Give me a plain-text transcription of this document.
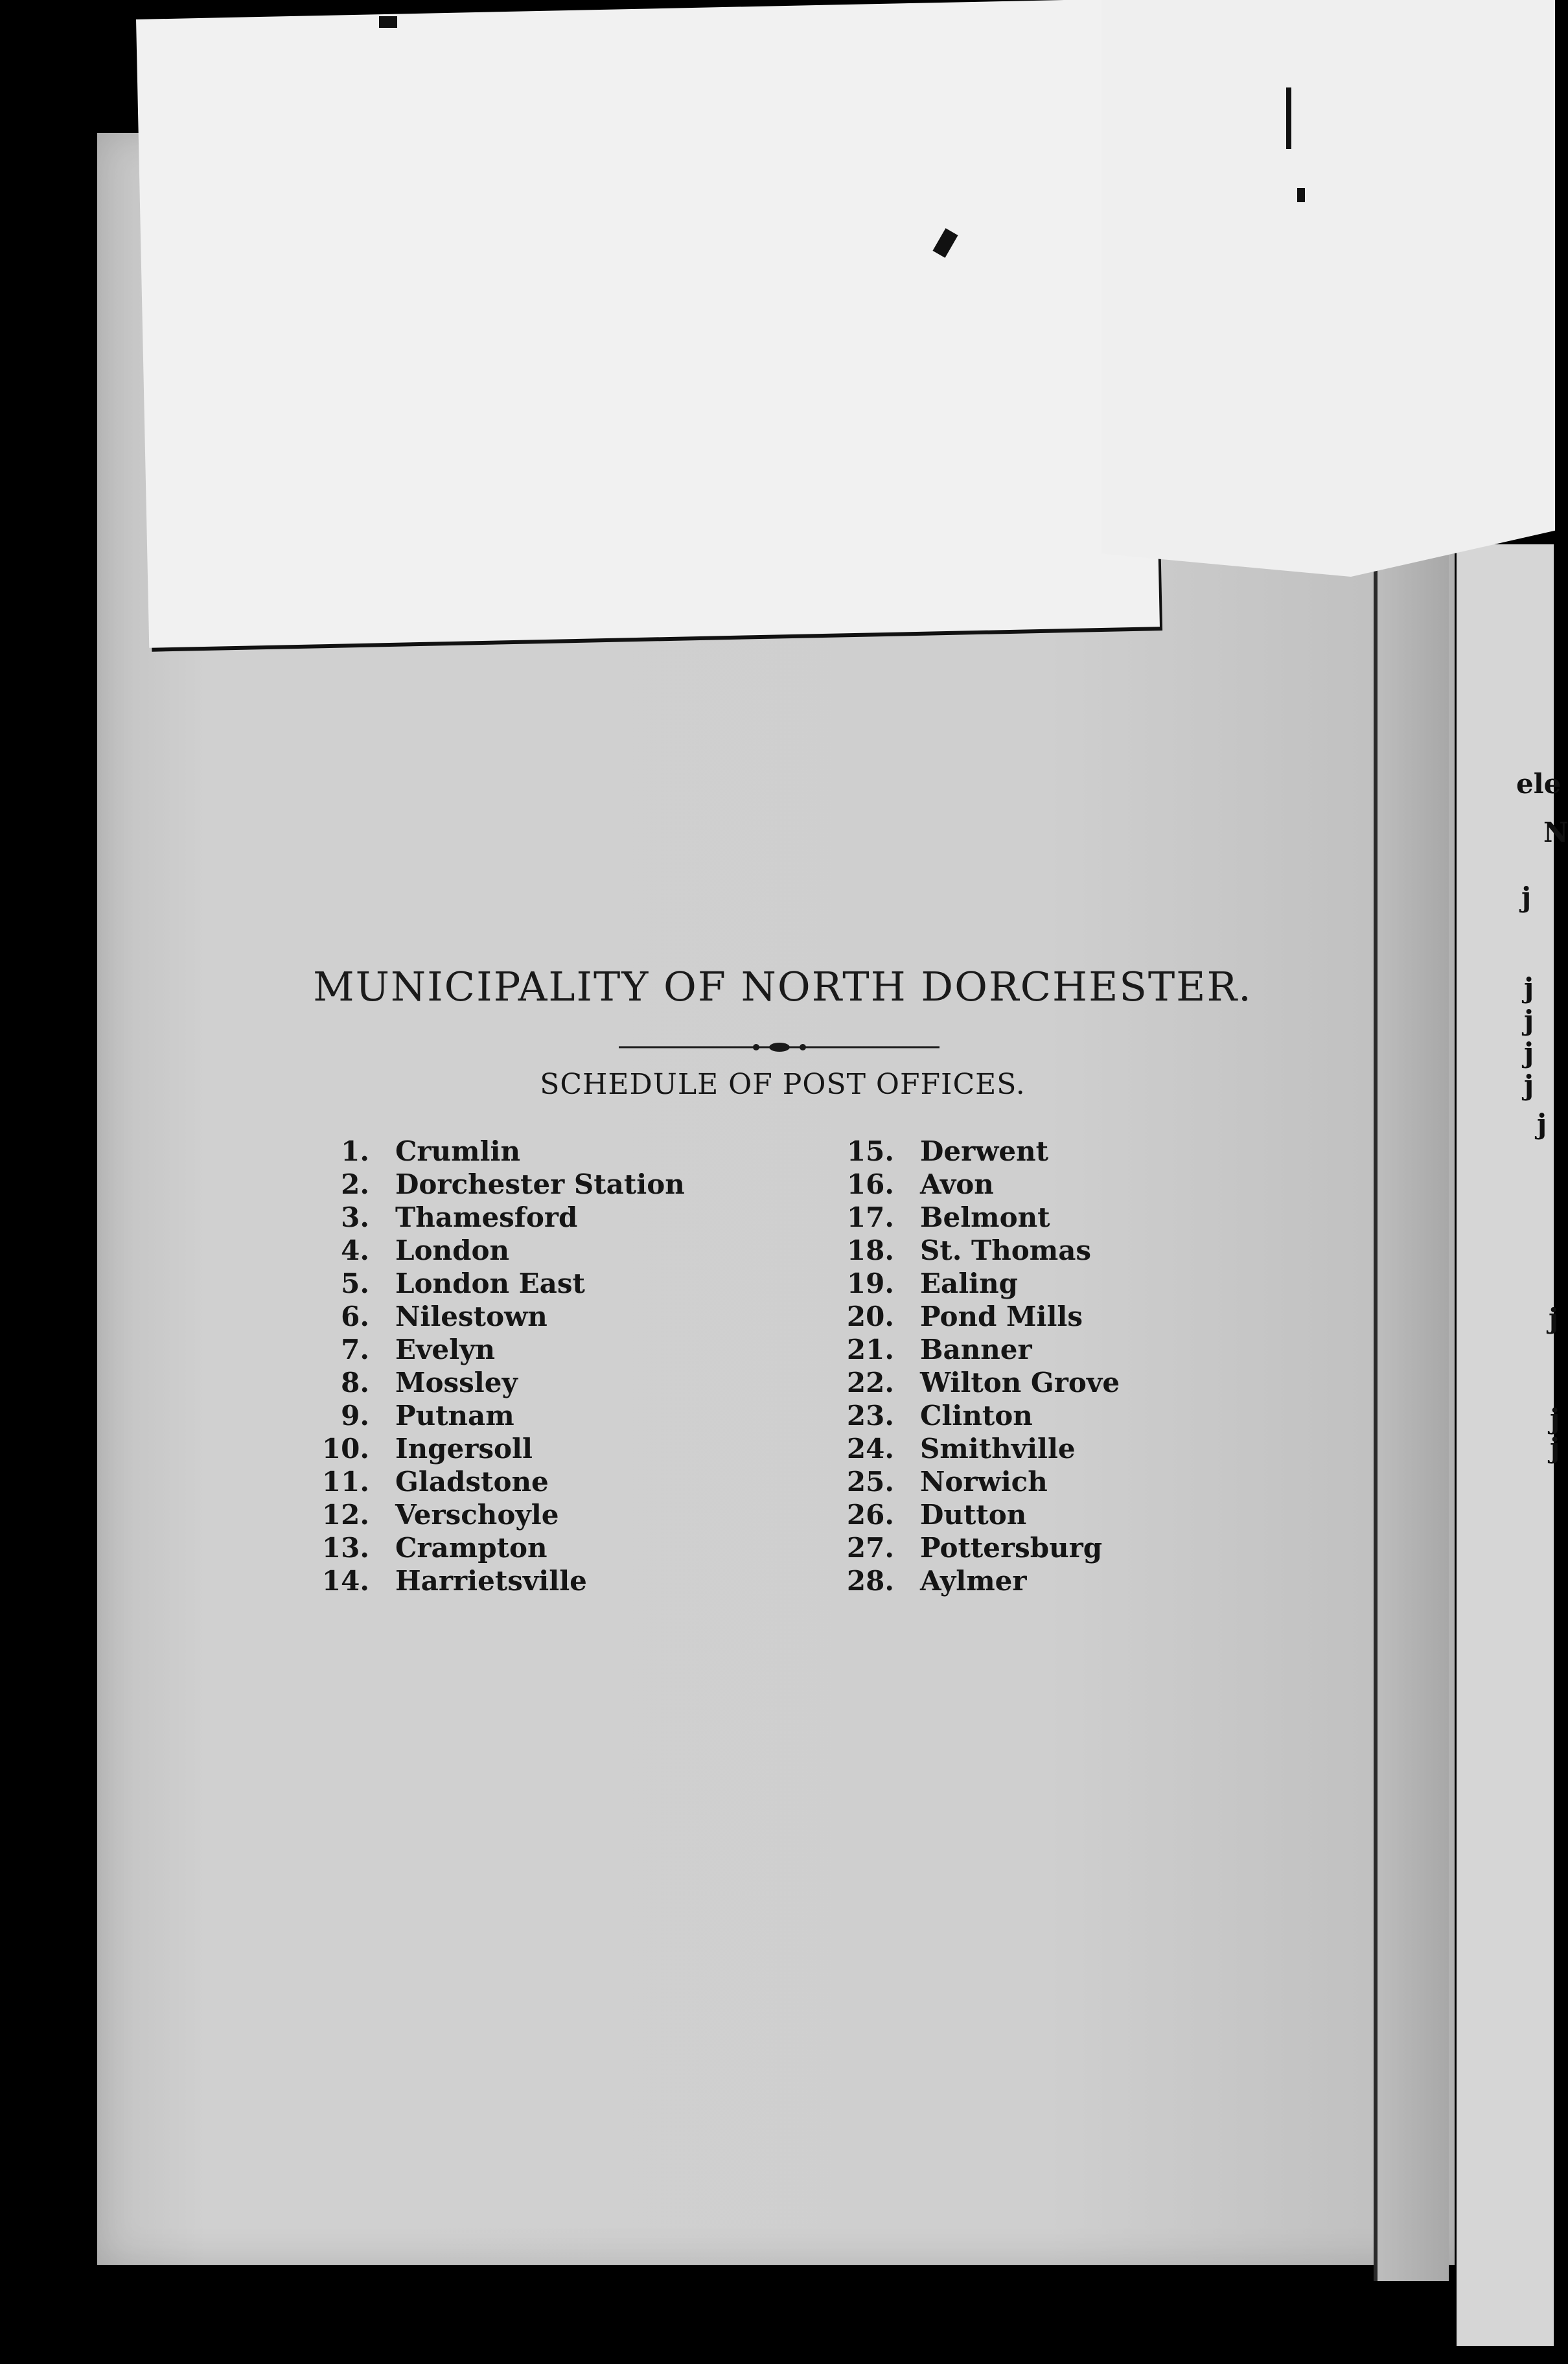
MUNICIPALITY OF NORTH DORCHESTER.
SCHEDULE OF POST OFFICES.
1. Crumlin
2. Dorchester Station
3. Thamesford
4. London
5. London East
6. Nilestown
7. Evelyn
8. Mossley
9. Putnam
10. Ingersoll
11. Gladstone
12. Verschoyle
13. Crampton
14. Harrietsville
15. Derwent
16. Avon
17. Belmont
18. St. Thomas
19. Ealing
20. Pond Mills
21. Banner
22. Wilton Grove
23. Clinton
24. Smithville
25. Norwich
26. Dutton
27. Pottersburg
28. Aylmer
ele
N
j
j
j
j
j
j
j
j
j
